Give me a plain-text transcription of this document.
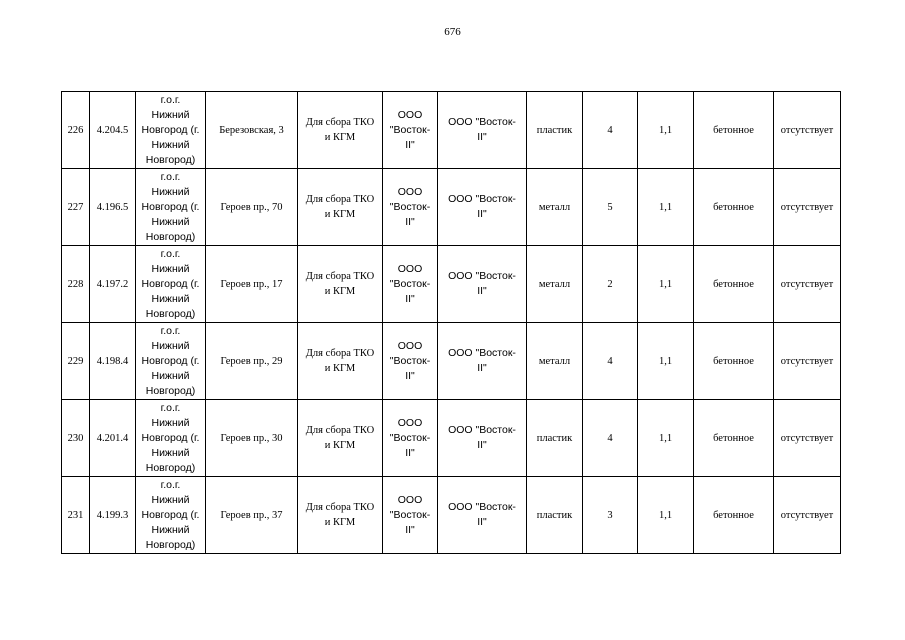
676
226	4.204.5	г.о.г.
Нижний
Новгород (г.
Нижний
Новгород)	Березовская, 3	Для сбора ТКО
и КГМ	ООО
"Восток-
II"	ООО "Восток-
II"	пластик	4	1,1	бетонное	отсутствует
227	4.196.5	г.о.г.
Нижний
Новгород (г.
Нижний
Новгород)	Героев пр., 70	Для сбора ТКО
и КГМ	ООО
"Восток-
II"	ООО "Восток-
II"	металл	5	1,1	бетонное	отсутствует
228	4.197.2	г.о.г.
Нижний
Новгород (г.
Нижний
Новгород)	Героев пр., 17	Для сбора ТКО
и КГМ	ООО
"Восток-
II"	ООО "Восток-
II"	металл	2	1,1	бетонное	отсутствует
229	4.198.4	г.о.г.
Нижний
Новгород (г.
Нижний
Новгород)	Героев пр., 29	Для сбора ТКО
и КГМ	ООО
"Восток-
II"	ООО "Восток-
II"	металл	4	1,1	бетонное	отсутствует
230	4.201.4	г.о.г.
Нижний
Новгород (г.
Нижний
Новгород)	Героев пр., 30	Для сбора ТКО
и КГМ	ООО
"Восток-
II"	ООО "Восток-
II"	пластик	4	1,1	бетонное	отсутствует
231	4.199.3	г.о.г.
Нижний
Новгород (г.
Нижний
Новгород)	Героев пр., 37	Для сбора ТКО
и КГМ	ООО
"Восток-
II"	ООО "Восток-
II"	пластик	3	1,1	бетонное	отсутствует
